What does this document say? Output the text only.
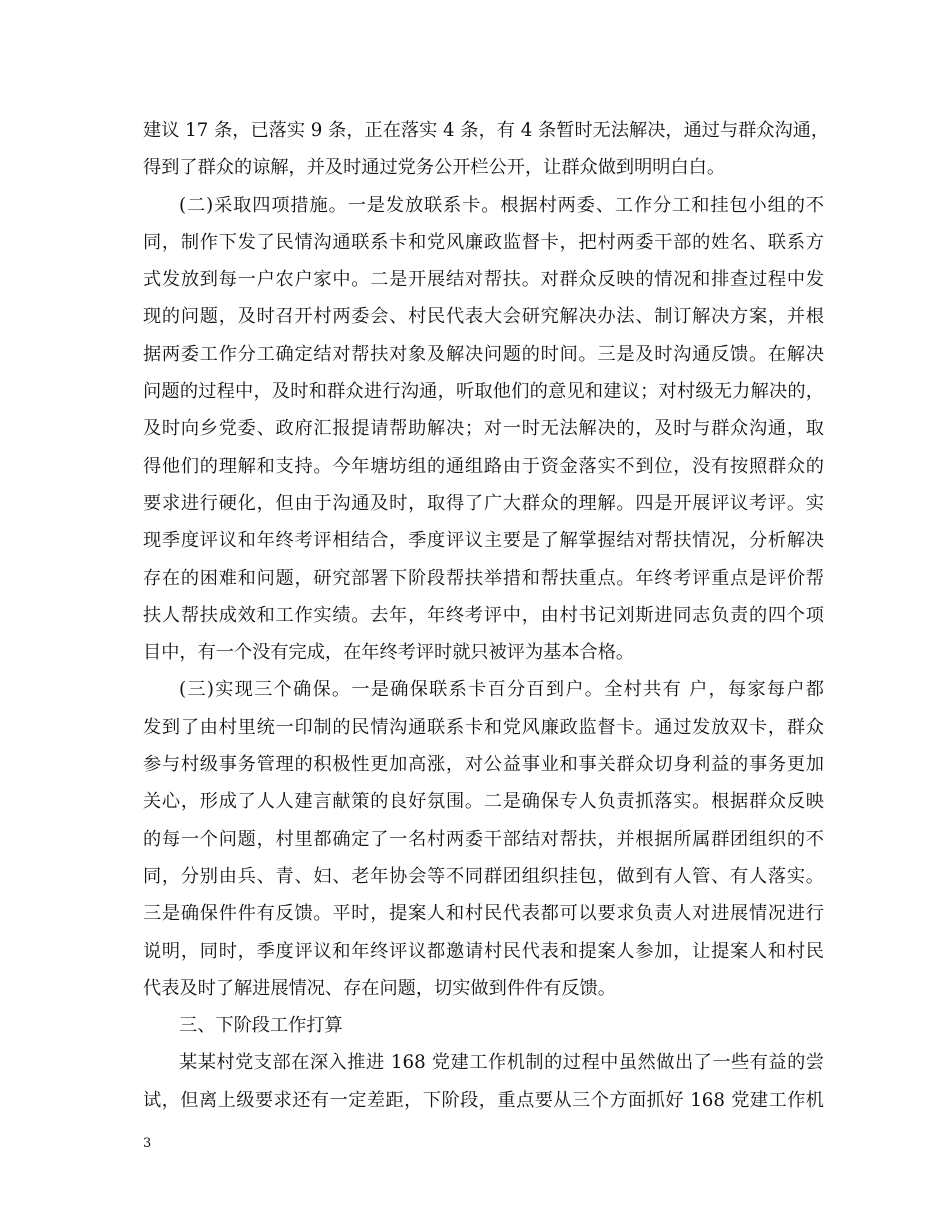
建议 17 条，已落实 9 条，正在落实 4 条，有 4 条暂时无法解决，通过与群众沟通，
得到了群众的谅解，并及时通过党务公开栏公开，让群众做到明明白白。
(二)采取四项措施。一是发放联系卡。根据村两委、工作分工和挂包小组的不
同，制作下发了民情沟通联系卡和党风廉政监督卡，把村两委干部的姓名、联系方
式发放到每一户农户家中。二是开展结对帮扶。对群众反映的情况和排查过程中发
现的问题，及时召开村两委会、村民代表大会研究解决办法、制订解决方案，并根
据两委工作分工确定结对帮扶对象及解决问题的时间。三是及时沟通反馈。在解决
问题的过程中，及时和群众进行沟通，听取他们的意见和建议；对村级无力解决的，
及时向乡党委、政府汇报提请帮助解决；对一时无法解决的，及时与群众沟通，取
得他们的理解和支持。今年塘坊组的通组路由于资金落实不到位，没有按照群众的
要求进行硬化，但由于沟通及时，取得了广大群众的理解。四是开展评议考评。实
现季度评议和年终考评相结合，季度评议主要是了解掌握结对帮扶情况，分析解决
存在的困难和问题，研究部署下阶段帮扶举措和帮扶重点。年终考评重点是评价帮
扶人帮扶成效和工作实绩。去年，年终考评中，由村书记刘斯进同志负责的四个项
目中，有一个没有完成，在年终考评时就只被评为基本合格。
(三)实现三个确保。一是确保联系卡百分百到户。全村共有 户，每家每户都
发到了由村里统一印制的民情沟通联系卡和党风廉政监督卡。通过发放双卡，群众
参与村级事务管理的积极性更加高涨，对公益事业和事关群众切身利益的事务更加
关心，形成了人人建言献策的良好氛围。二是确保专人负责抓落实。根据群众反映
的每一个问题，村里都确定了一名村两委干部结对帮扶，并根据所属群团组织的不
同，分别由兵、青、妇、老年协会等不同群团组织挂包，做到有人管、有人落实。
三是确保件件有反馈。平时，提案人和村民代表都可以要求负责人对进展情况进行
说明，同时，季度评议和年终评议都邀请村民代表和提案人参加，让提案人和村民
代表及时了解进展情况、存在问题，切实做到件件有反馈。
三、下阶段工作打算
某某村党支部在深入推进 168 党建工作机制的过程中虽然做出了一些有益的尝
试，但离上级要求还有一定差距，下阶段，重点要从三个方面抓好 168 党建工作机
3
